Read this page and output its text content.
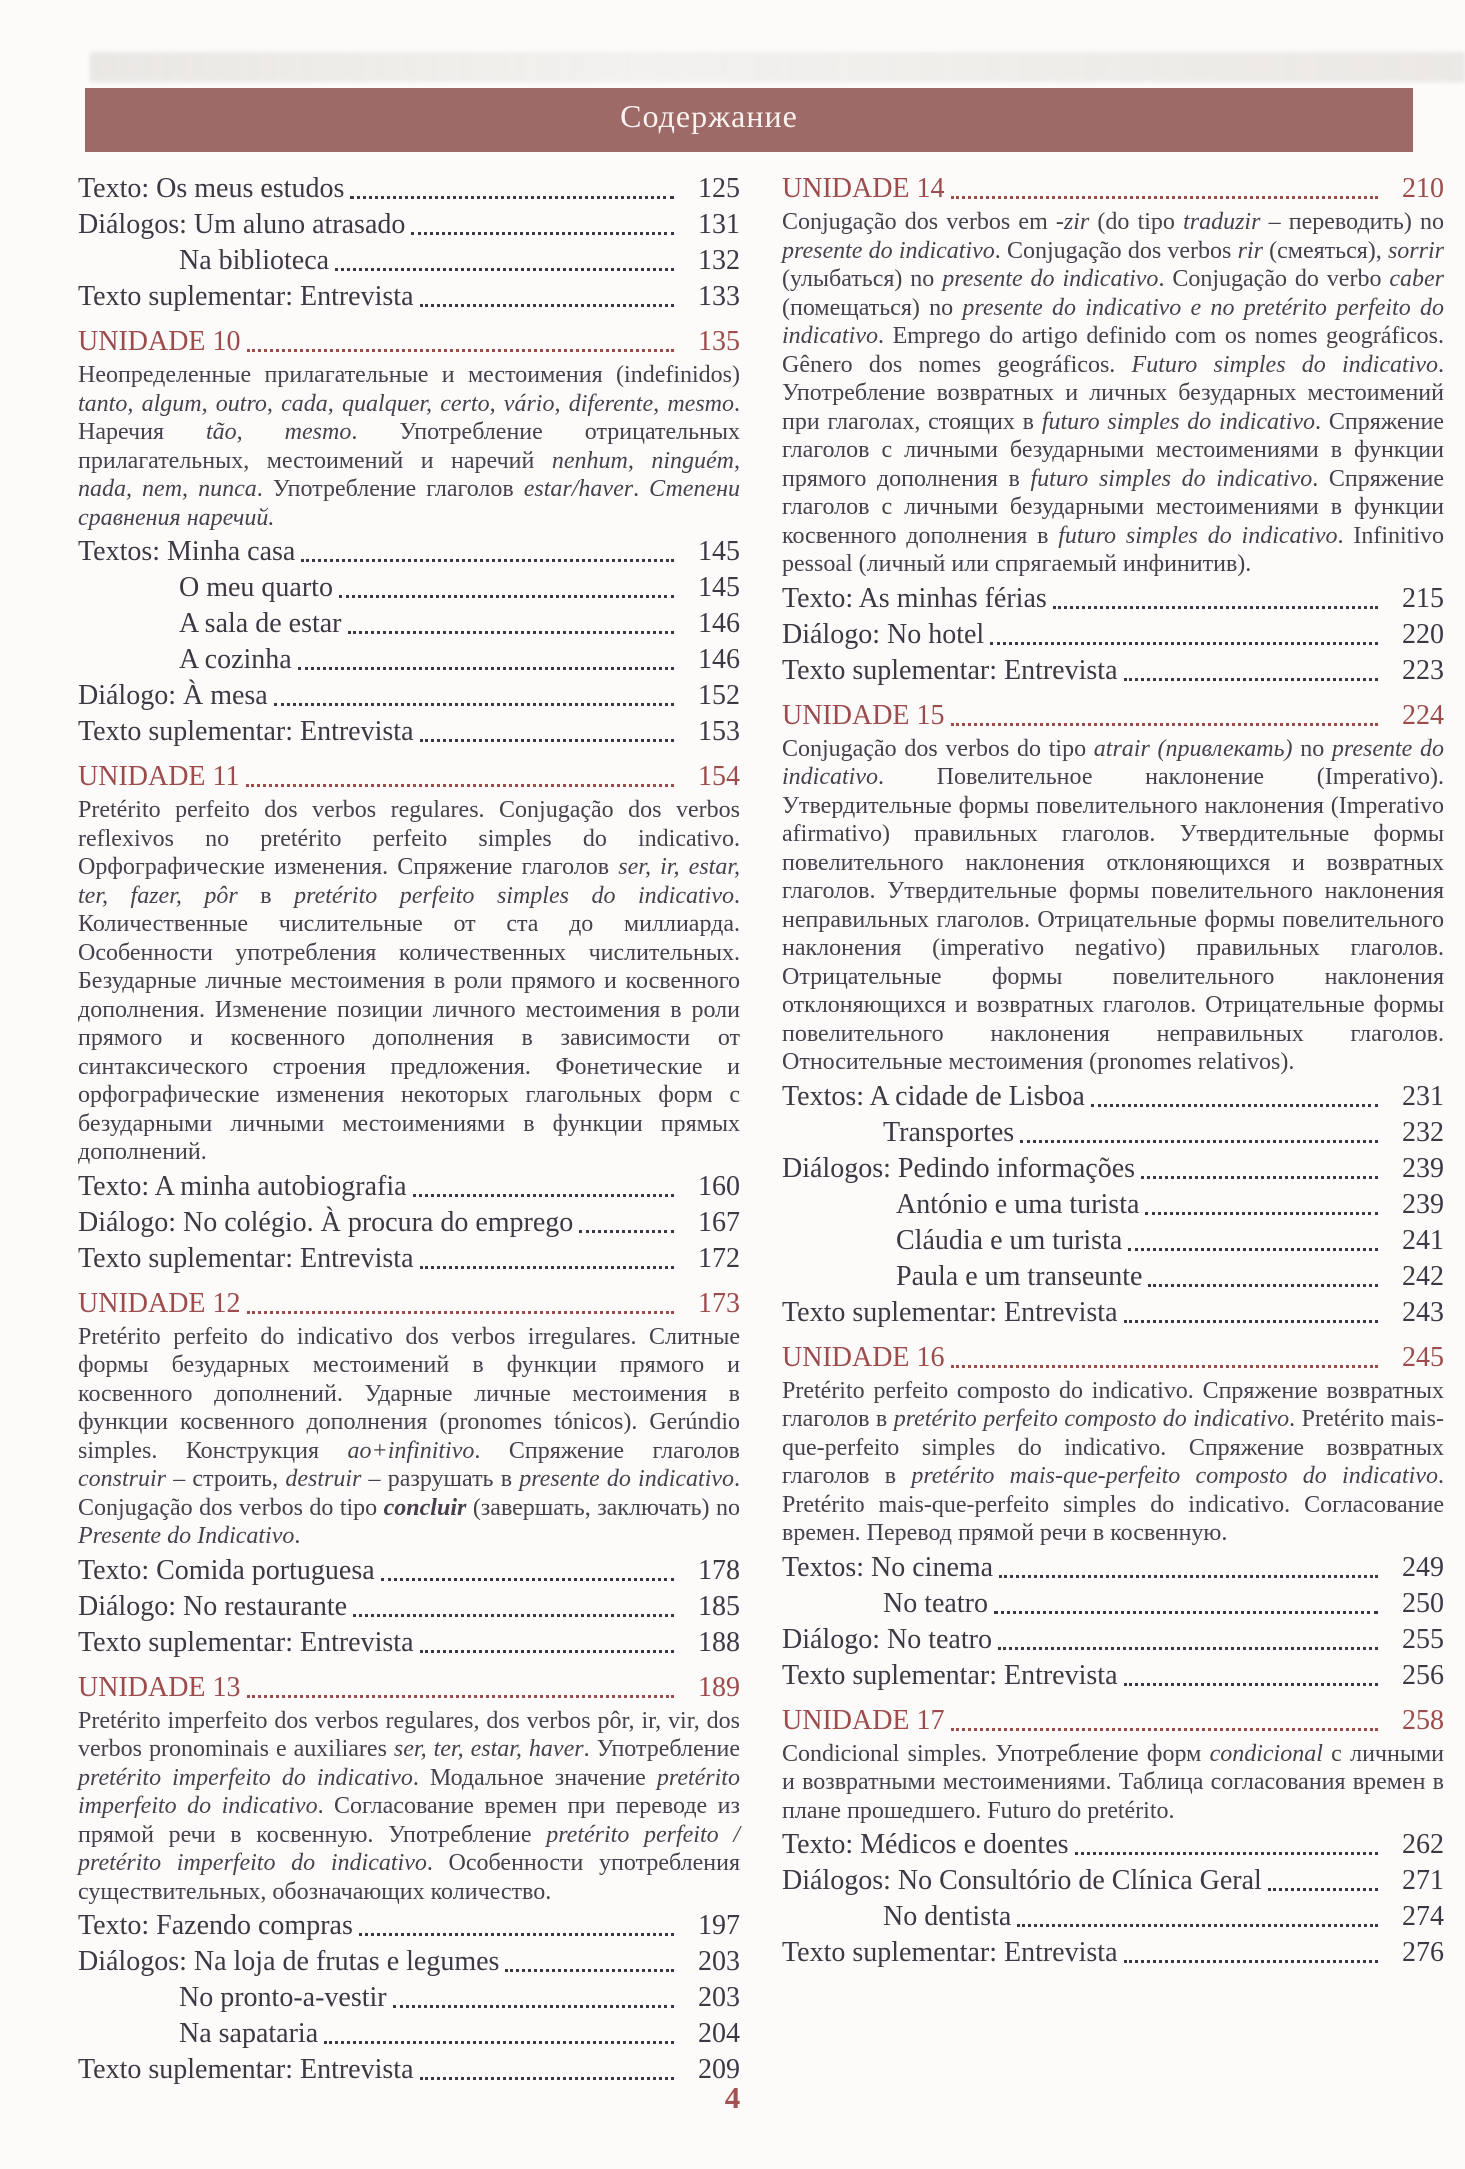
Содержание
Texto: Os meus estudos	125
Diálogos: Um aluno atrasado	131
Na biblioteca	132
Texto suplementar: Entrevista	133
UNIDADE 10	135

Неопределенные прилагательные и местоимения (indefinidos) tanto, algum, outro, cada, qualquer, certo, vário, diferente, mesmo. Наречия tão, mesmo. Употребление отрицательных прилагательных, местоимений и наречий nenhum, ninguém, nada, nem, nunca. Употребление глаголов estar/haver. Степени сравнения наречий.

Textos: Minha casa	145
O meu quarto	145
A sala de estar	146
A cozinha	146
Diálogo: À mesa	152
Texto suplementar: Entrevista	153
UNIDADE 11	154

Pretérito perfeito dos verbos regulares. Conjugação dos verbos reflexivos no pretérito perfeito simples do indicativo. Орфографические изменения. Спряжение глаголов ser, ir, estar, ter, fazer, pôr в pretérito perfeito simples do indicativo. Количественные числительные от ста до миллиарда. Особенности употребления количественных числительных. Безударные личные местоимения в роли прямого и косвенного дополнения. Изменение позиции личного местоимения в роли прямого и косвенного дополнения в зависимости от синтаксического строения предложения. Фонетические и орфографические изменения некоторых глагольных форм с безударными личными местоимениями в функции прямых дополнений.

Texto: A minha autobiografia	160
Diálogo: No colégio. À procura do emprego	167
Texto suplementar: Entrevista	172
UNIDADE 12	173

Pretérito perfeito do indicativo dos verbos irregulares. Слитные формы безударных местоимений в функции прямого и косвенного дополнений. Ударные личные местоимения в функции косвенного дополнения (pronomes tónicos). Gerúndio simples. Конструкция ao+infinitivo. Спряжение глаголов construir – строить, destruir – разрушать в presente do indicativo. Conjugação dos verbos do tipo concluir (завершать, заключать) no Presente do Indicativo.

Texto: Comida portuguesa	178
Diálogo: No restaurante	185
Texto suplementar: Entrevista	188
UNIDADE 13	189

Pretérito imperfeito dos verbos regulares, dos verbos pôr, ir, vir, dos verbos pronominais e auxiliares ser, ter, estar, haver. Употребление pretérito imperfeito do indicativo. Модальное значение pretérito imperfeito do indicativo. Согласование времен при переводе из прямой речи в косвенную. Употребление pretérito perfeito / pretérito imperfeito do indicativo. Особенности употребления существительных, обозначающих количество.

Texto: Fazendo compras	197
Diálogos: Na loja de frutas e legumes	203
No pronto-a-vestir	203
Na sapataria	204
Texto suplementar: Entrevista	209
UNIDADE 14	210

Conjugação dos verbos em -zir (do tipo traduzir – переводить) no presente do indicativo. Conjugação dos verbos rir (смеяться), sorrir (улыбаться) no presente do indicativo. Conjugação do verbo caber (помещаться) no presente do indicativo e no pretérito perfeito do indicativo. Emprego do artigo definido com os nomes geográficos. Gênero dos nomes geográficos. Futuro simples do indicativo. Употребление возвратных и личных безударных местоимений при глаголах, стоящих в futuro simples do indicativo. Спряжение глаголов с личными безударными местоимениями в функции прямого дополнения в futuro simples do indicativo. Спряжение глаголов с личными безударными местоимениями в функции косвенного дополнения в futuro simples do indicativo. Infinitivo pessoal (личный или спрягаемый инфинитив).

Texto: As minhas férias	215
Diálogo: No hotel	220
Texto suplementar: Entrevista	223
UNIDADE 15	224

Conjugação dos verbos do tipo atrair (привлекать) no presente do indicativo. Повелительное наклонение (Imperativo). Утвердительные формы повелительного наклонения (Imperativo afirmativo) правильных глаголов. Утвердительные формы повелительного наклонения отклоняющихся и возвратных глаголов. Утвердительные формы повелительного наклонения неправильных глаголов. Отрицательные формы повелительного наклонения (imperativo negativo) правильных глаголов. Отрицательные формы повелительного наклонения отклоняющихся и возвратных глаголов. Отрицательные формы повелительного наклонения неправильных глаголов. Относительные местоимения (pronomes relativos).

Textos: A cidade de Lisboa	231
Transportes	232
Diálogos: Pedindo informações	239
António e uma turista	239
Cláudia e um turista	241
Paula e um transeunte	242
Texto suplementar: Entrevista	243
UNIDADE 16	245

Pretérito perfeito composto do indicativo. Спряжение возвратных глаголов в pretérito perfeito composto do indicativo. Pretérito mais-que-perfeito simples do indicativo. Спряжение возвратных глаголов в pretérito mais-que-perfeito composto do indicativo. Pretérito mais-que-perfeito simples do indicativo. Согласование времен. Перевод прямой речи в косвенную.

Textos: No cinema	249
No teatro	250
Diálogo: No teatro	255
Texto suplementar: Entrevista	256
UNIDADE 17	258

Condicional simples. Употребление форм condicional с личными и возвратными местоимениями. Таблица согласования времен в плане прошедшего. Futuro do pretérito.

Texto: Médicos e doentes	262
Diálogos: No Consultório de Clínica Geral	271
No dentista	274
Texto suplementar: Entrevista	276
4
